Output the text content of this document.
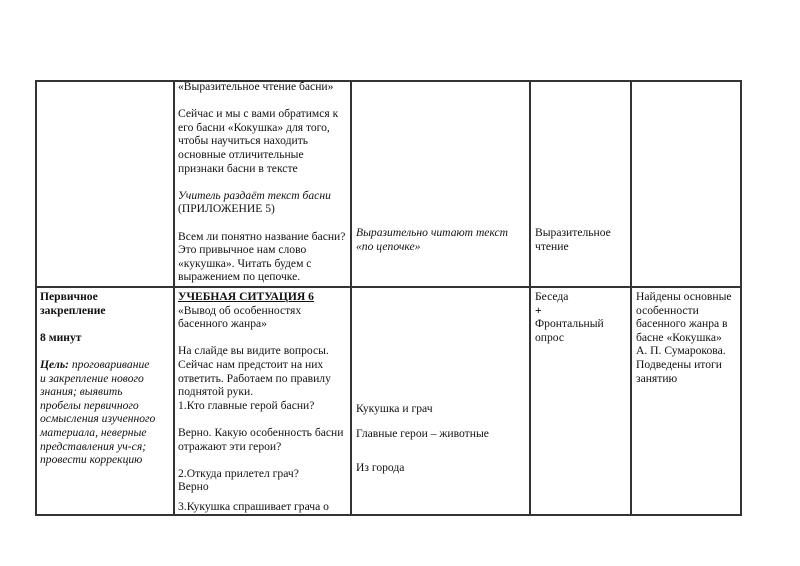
«Выразительное чтение басни»
Сейчас и мы с вами обратимся к
его басни «Кокушка» для того,
чтобы научиться находить
основные отличительные
признаки басни в тексте
Учитель раздаёт текст басни
(ПРИЛОЖЕНИЕ 5)
Всем ли понятно название басни?
Это привычное нам слово
«кукушка». Читать будем с
выражением по цепочке.
Выразительно читают текст
«по цепочке»
Выразительное
чтение
Первичное
закрепление
8 минут
Цель: проговаривание
и закрепление нового
знания; выявить
пробелы первичного
осмысления изученного
материала, неверные
представления уч-ся;
провести коррекцию
УЧЕБНАЯ СИТУАЦИЯ 6
«Вывод об особенностях
басенного жанра»
На слайде вы видите вопросы.
Сейчас нам предстоит на них
ответить. Работаем по правилу
поднятой руки.
1.Кто главные герой басни?
Верно. Какую особенность басни
отражают эти герои?
2.Откуда прилетел грач?
Верно
3.Кукушка спрашивает грача о
Кукушка и грач
Главные герои – животные
Из города
Беседа
+
Фронтальный
опрос
Найдены основные
особенности
басенного жанра в
басне «Кокушка»
А. П. Сумарокова.
Подведены итоги
занятию
